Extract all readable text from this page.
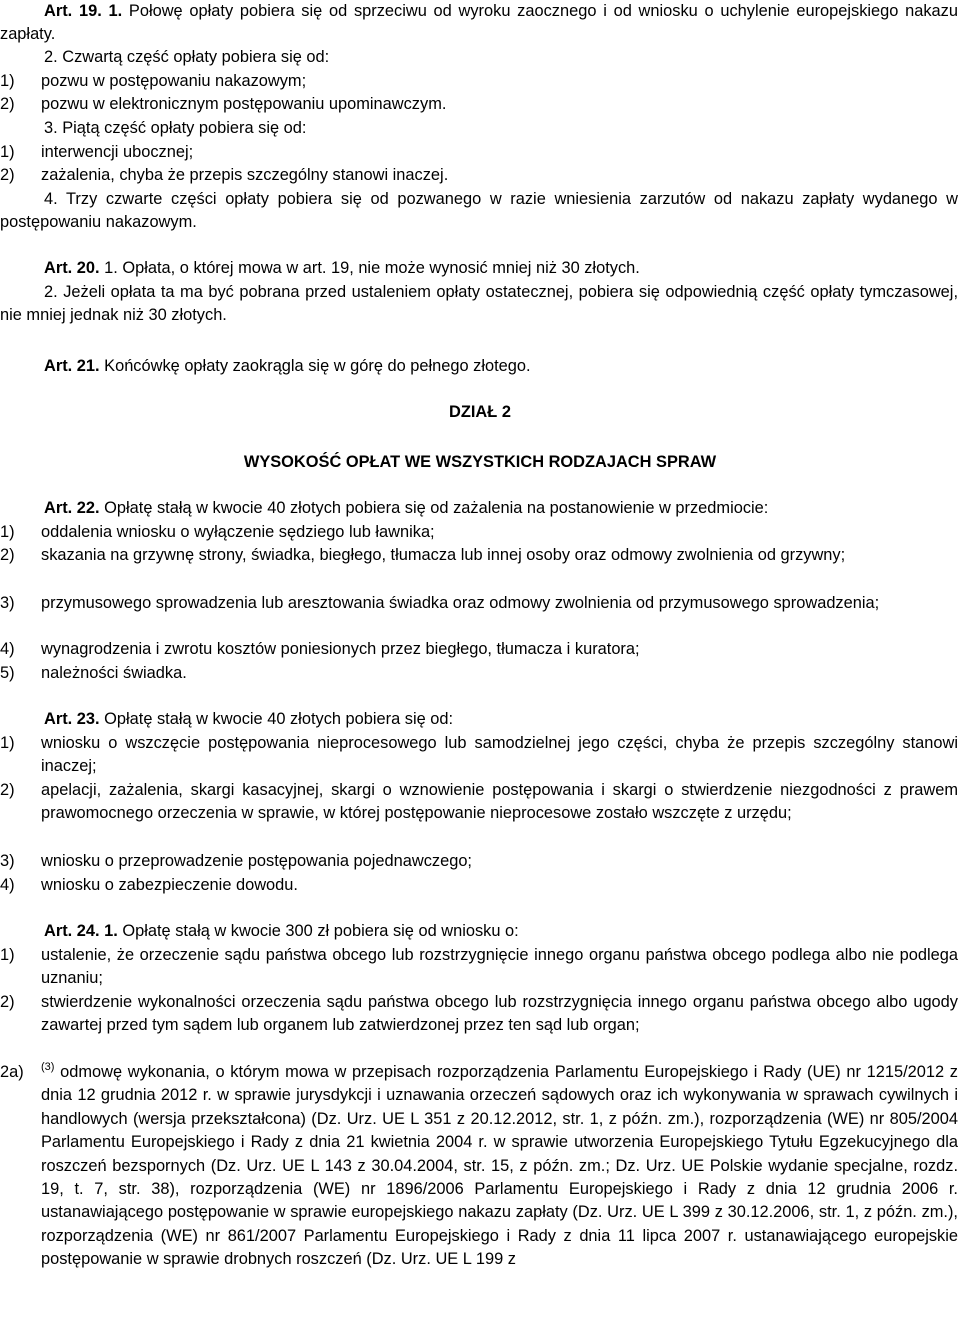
Art. 19. 1. Połowę opłaty pobiera się od sprzeciwu od wyroku zaocznego i od wniosku o uchylenie europejskiego nakazu zapłaty.

2. Czwartą część opłaty pobiera się od:

1) pozwu w postępowaniu nakazowym;
2) pozwu w elektronicznym postępowaniu upominawczym.

3. Piątą część opłaty pobiera się od:

1) interwencji ubocznej;
2) zażalenia, chyba że przepis szczególny stanowi inaczej.

4. Trzy czwarte części opłaty pobiera się od pozwanego w razie wniesienia zarzutów od nakazu zapłaty wydanego w postępowaniu nakazowym.

Art. 20. 1. Opłata, o której mowa w art. 19, nie może wynosić mniej niż 30 złotych.

2. Jeżeli opłata ta ma być pobrana przed ustaleniem opłaty ostatecznej, pobiera się odpowiednią część opłaty tymczasowej, nie mniej jednak niż 30 złotych.

Art. 21. Końcówkę opłaty zaokrągla się w górę do pełnego złotego.

DZIAŁ 2

WYSOKOŚĆ OPŁAT WE WSZYSTKICH RODZAJACH SPRAW

Art. 22. Opłatę stałą w kwocie 40 złotych pobiera się od zażalenia na postanowienie w przedmiocie:

1) oddalenia wniosku o wyłączenie sędziego lub ławnika;
2) skazania na grzywnę strony, świadka, biegłego, tłumacza lub innej osoby oraz odmowy zwolnienia od grzywny;
3) przymusowego sprowadzenia lub aresztowania świadka oraz odmowy zwolnienia od przymusowego sprowadzenia;
4) wynagrodzenia i zwrotu kosztów poniesionych przez biegłego, tłumacza i kuratora;
5) należności świadka.

Art. 23. Opłatę stałą w kwocie 40 złotych pobiera się od:

1) wniosku o wszczęcie postępowania nieprocesowego lub samodzielnej jego części, chyba że przepis szczególny stanowi inaczej;
2) apelacji, zażalenia, skargi kasacyjnej, skargi o wznowienie postępowania i skargi o stwierdzenie niezgodności z prawem prawomocnego orzeczenia w sprawie, w której postępowanie nieprocesowe zostało wszczęte z urzędu;
3) wniosku o przeprowadzenie postępowania pojednawczego;
4) wniosku o zabezpieczenie dowodu.

Art. 24. 1. Opłatę stałą w kwocie 300 zł pobiera się od wniosku o:

1) ustalenie, że orzeczenie sądu państwa obcego lub rozstrzygnięcie innego organu państwa obcego podlega albo nie podlega uznaniu;
2) stwierdzenie wykonalności orzeczenia sądu państwa obcego lub rozstrzygnięcia innego organu państwa obcego albo ugody zawartej przed tym sądem lub organem lub zatwierdzonej przez ten sąd lub organ;
2a) $^{(3)}$ odmowę wykonania, o którym mowa w przepisach rozporządzenia Parlamentu Europejskiego i Rady (UE) nr 1215/2012 z dnia 12 grudnia 2012 r. w sprawie jurysdykcji i uznawania orzeczeń sądowych oraz ich wykonywania w sprawach cywilnych i handlowych (wersja przekształcona) (Dz. Urz. UE L 351 z 20.12.2012, str. 1, z późn. zm.), rozporządzenia (WE) nr 805/2004 Parlamentu Europejskiego i Rady z dnia 21 kwietnia 2004 r. w sprawie utworzenia Europejskiego Tytułu Egzekucyjnego dla roszczeń bezspornych (Dz. Urz. UE L 143 z 30.04.2004, str. 15, z późn. zm.; Dz. Urz. UE Polskie wydanie specjalne, rozdz. 19, t. 7, str. 38), rozporządzenia (WE) nr 1896/2006 Parlamentu Europejskiego i Rady z dnia 12 grudnia 2006 r. ustanawiającego postępowanie w sprawie europejskiego nakazu zapłaty (Dz. Urz. UE L 399 z 30.12.2006, str. 1, z późn. zm.), rozporządzenia (WE) nr 861/2007 Parlamentu Europejskiego i Rady z dnia 11 lipca 2007 r. ustanawiającego europejskie postępowanie w sprawie drobnych roszczeń (Dz. Urz. UE L 199 z
